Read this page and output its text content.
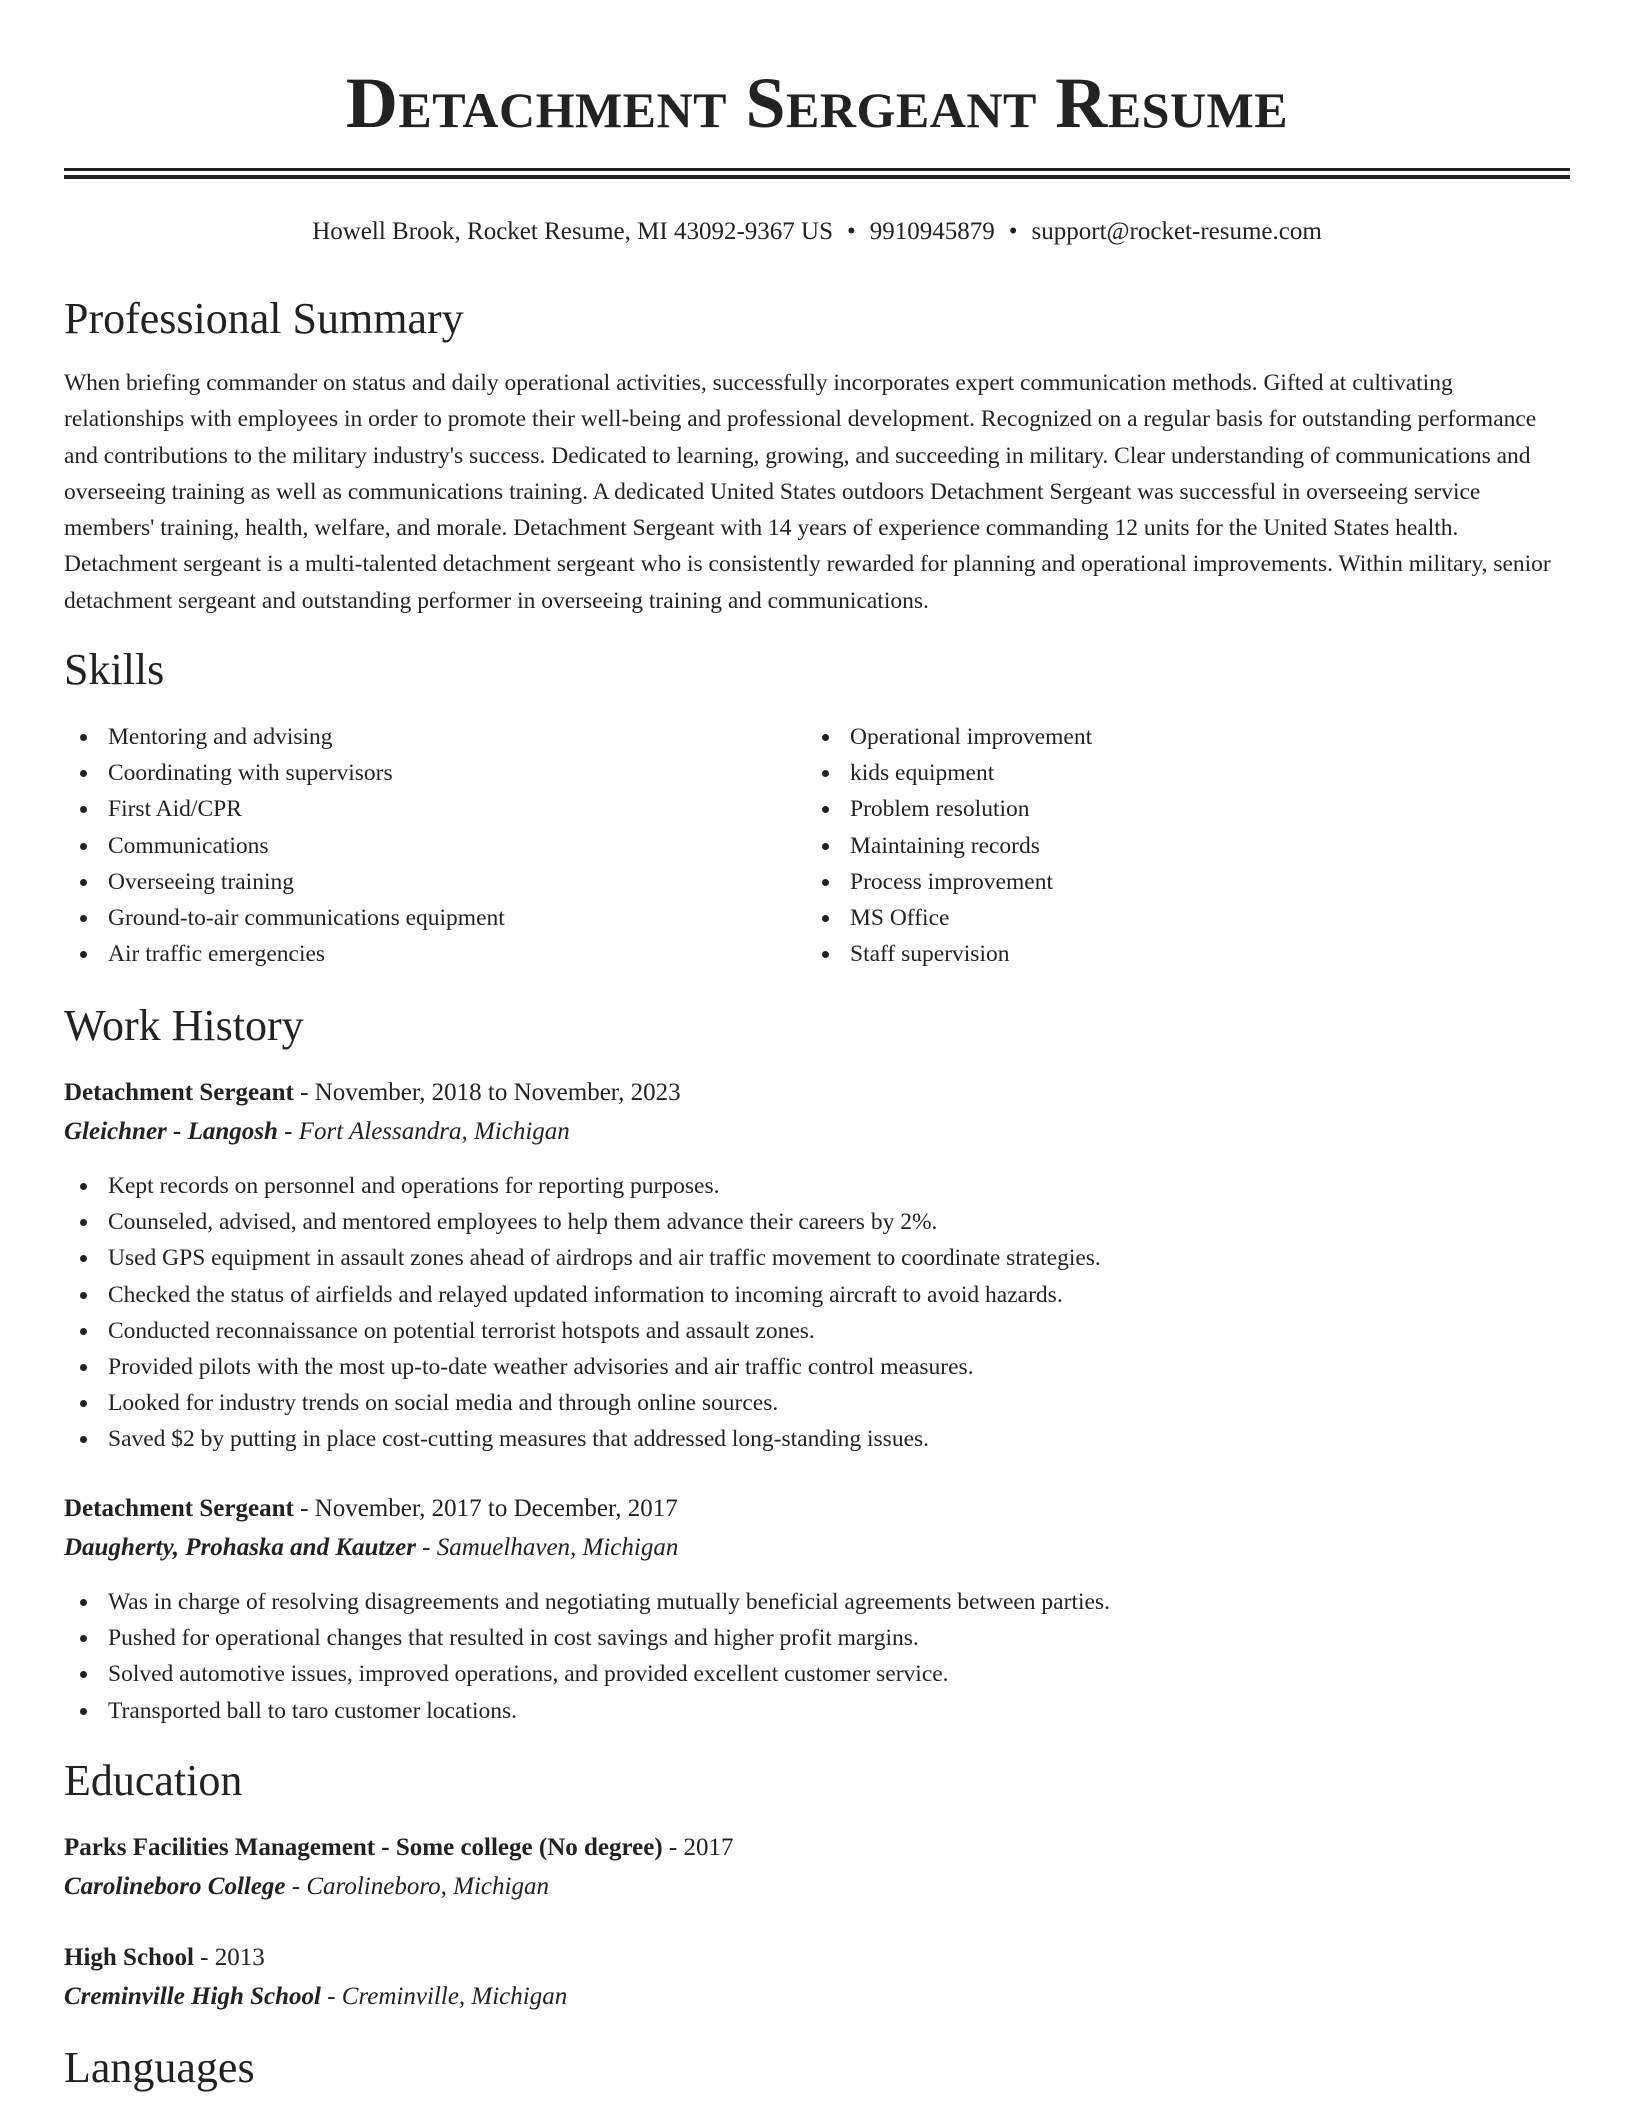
Detachment Sergeant Resume
Howell Brook, Rocket Resume, MI 43092-9367 US • 9910945879 • support@rocket-resume.com
Professional Summary

When briefing commander on status and daily operational activities, successfully incorporates expert communication methods. Gifted at cultivating relationships with employees in order to promote their well-being and professional development. Recognized on a regular basis for outstanding performance and contributions to the military industry's success. Dedicated to learning, growing, and succeeding in military. Clear understanding of communications and overseeing training as well as communications training. A dedicated United States outdoors Detachment Sergeant was successful in overseeing service members' training, health, welfare, and morale. Detachment Sergeant with 14 years of experience commanding 12 units for the United States health. Detachment sergeant is a multi-talented detachment sergeant who is consistently rewarded for planning and operational improvements. Within military, senior detachment sergeant and outstanding performer in overseeing training and communications.

Skills
Mentoring and advising
Coordinating with supervisors
First Aid/CPR
Communications
Overseeing training
Ground-to-air communications equipment
Air traffic emergencies
Operational improvement
kids equipment
Problem resolution
Maintaining records
Process improvement
MS Office
Staff supervision
Work History
Detachment Sergeant - November, 2018 to November, 2023
Gleichner - Langosh - Fort Alessandra, Michigan
Kept records on personnel and operations for reporting purposes.
Counseled, advised, and mentored employees to help them advance their careers by 2%.
Used GPS equipment in assault zones ahead of airdrops and air traffic movement to coordinate strategies.
Checked the status of airfields and relayed updated information to incoming aircraft to avoid hazards.
Conducted reconnaissance on potential terrorist hotspots and assault zones.
Provided pilots with the most up-to-date weather advisories and air traffic control measures.
Looked for industry trends on social media and through online sources.
Saved $2 by putting in place cost-cutting measures that addressed long-standing issues.
Detachment Sergeant - November, 2017 to December, 2017
Daugherty, Prohaska and Kautzer - Samuelhaven, Michigan
Was in charge of resolving disagreements and negotiating mutually beneficial agreements between parties.
Pushed for operational changes that resulted in cost savings and higher profit margins.
Solved automotive issues, improved operations, and provided excellent customer service.
Transported ball to taro customer locations.
Education
Parks Facilities Management - Some college (No degree) - 2017
Carolineboro College - Carolineboro, Michigan
High School - 2013
Creminville High School - Creminville, Michigan
Languages
